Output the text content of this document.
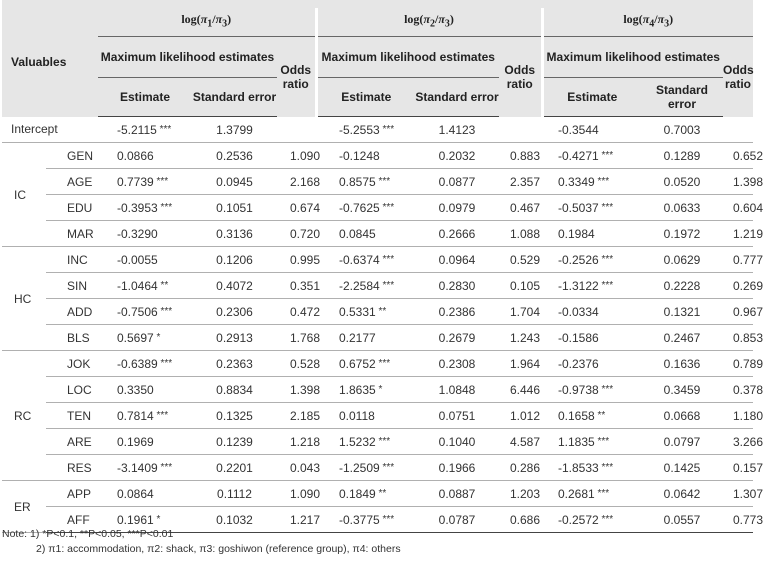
Valuables		$\log(\pi_1/\pi_3)$			$\log(\pi_2/\pi_3)$			$\log(\pi_4/\pi_3)$		
		Maximum likelihood estimates		Odds ratio	Maximum likelihood estimates		Odds ratio	Maximum likelihood estimates		Odds ratio
		Estimate	Standard error		Estimate	Standard error		Estimate	Standard error	
Intercept		-5.2115 ***	1.3799		-5.2553 ***	1.4123		-0.3544	0.7003	
IC	GEN	0.0866	0.2536	1.090	-0.1248	0.2032	0.883	-0.4271 ***	0.1289	0.652
	AGE	0.7739 ***	0.0945	2.168	0.8575 ***	0.0877	2.357	0.3349 ***	0.0520	1.398
	EDU	-0.3953 ***	0.1051	0.674	-0.7625 ***	0.0979	0.467	-0.5037 ***	0.0633	0.604
	MAR	-0.3290	0.3136	0.720	0.0845	0.2666	1.088	0.1984	0.1972	1.219
HC	INC	-0.0055	0.1206	0.995	-0.6374 ***	0.0964	0.529	-0.2526 ***	0.0629	0.777
	SIN	-1.0464 **	0.4072	0.351	-2.2584 ***	0.2830	0.105	-1.3122 ***	0.2228	0.269
	ADD	-0.7506 ***	0.2306	0.472	0.5331 **	0.2386	1.704	-0.0334	0.1321	0.967
	BLS	0.5697 *	0.2913	1.768	0.2177	0.2679	1.243	-0.1586	0.2467	0.853
RC	JOK	-0.6389 ***	0.2363	0.528	0.6752 ***	0.2308	1.964	-0.2376	0.1636	0.789
	LOC	0.3350	0.8834	1.398	1.8635 *	1.0848	6.446	-0.9738 ***	0.3459	0.378
	TEN	0.7814 ***	0.1325	2.185	0.0118	0.0751	1.012	0.1658 **	0.0668	1.180
	ARE	0.1969	0.1239	1.218	1.5232 ***	0.1040	4.587	1.1835 ***	0.0797	3.266
	RES	-3.1409 ***	0.2201	0.043	-1.2509 ***	0.1966	0.286	-1.8533 ***	0.1425	0.157
ER	APP	0.0864	0.1112	1.090	0.1849 **	0.0887	1.203	0.2681 ***	0.0642	1.307
	AFF	0.1961 *	0.1032	1.217	-0.3775 ***	0.0787	0.686	-0.2572 ***	0.0557	0.773
Note: 1) *P<0.1, **P<0.05, ***P<0.01
2) π1: accommodation, π2: shack, π3: goshiwon (reference group), π4: others
